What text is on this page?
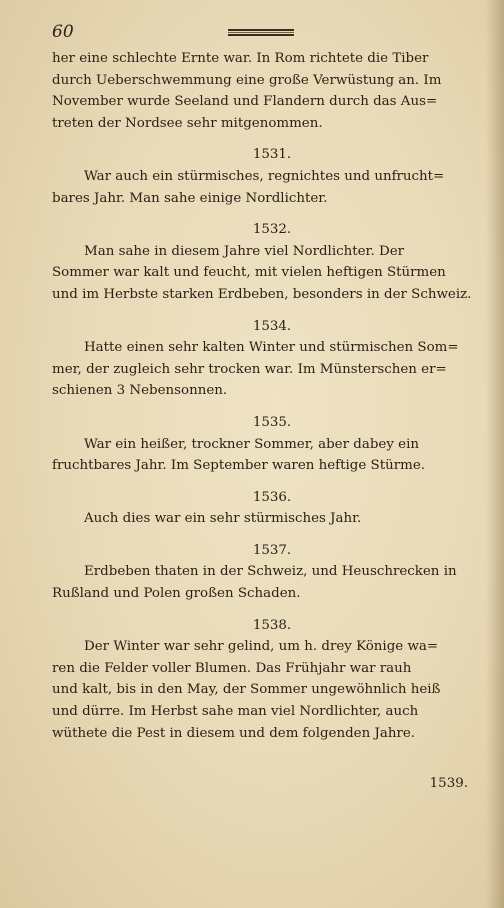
60
her eine schlechte Ernte war. In Rom richtete die Tiber
durch Ueberschwemmung eine große Verwüstung an. Im
November wurde Seeland und Flandern durch das Aus=
treten der Nordsee sehr mitgenommen.
1531.
War auch ein stürmisches, regnichtes und unfrucht=
bares Jahr. Man sahe einige Nordlichter.
1532.
Man sahe in diesem Jahre viel Nordlichter. Der
Sommer war kalt und feucht, mit vielen heftigen Stürmen
und im Herbste starken Erdbeben, besonders in der Schweiz.
1534.
Hatte einen sehr kalten Winter und stürmischen Som=
mer, der zugleich sehr trocken war. Im Münsterschen er=
schienen 3 Nebensonnen.
1535.
War ein heißer, trockner Sommer, aber dabey ein
fruchtbares Jahr. Im September waren heftige Stürme.
1536.
Auch dies war ein sehr stürmisches Jahr.
1537.
Erdbeben thaten in der Schweiz, und Heuschrecken in
Rußland und Polen großen Schaden.
1538.
Der Winter war sehr gelind, um h. drey Könige wa=
ren die Felder voller Blumen. Das Frühjahr war rauh
und kalt, bis in den May, der Sommer ungewöhnlich heiß
und dürre. Im Herbst sahe man viel Nordlichter, auch
wüthete die Pest in diesem und dem folgenden Jahre.
1539.
